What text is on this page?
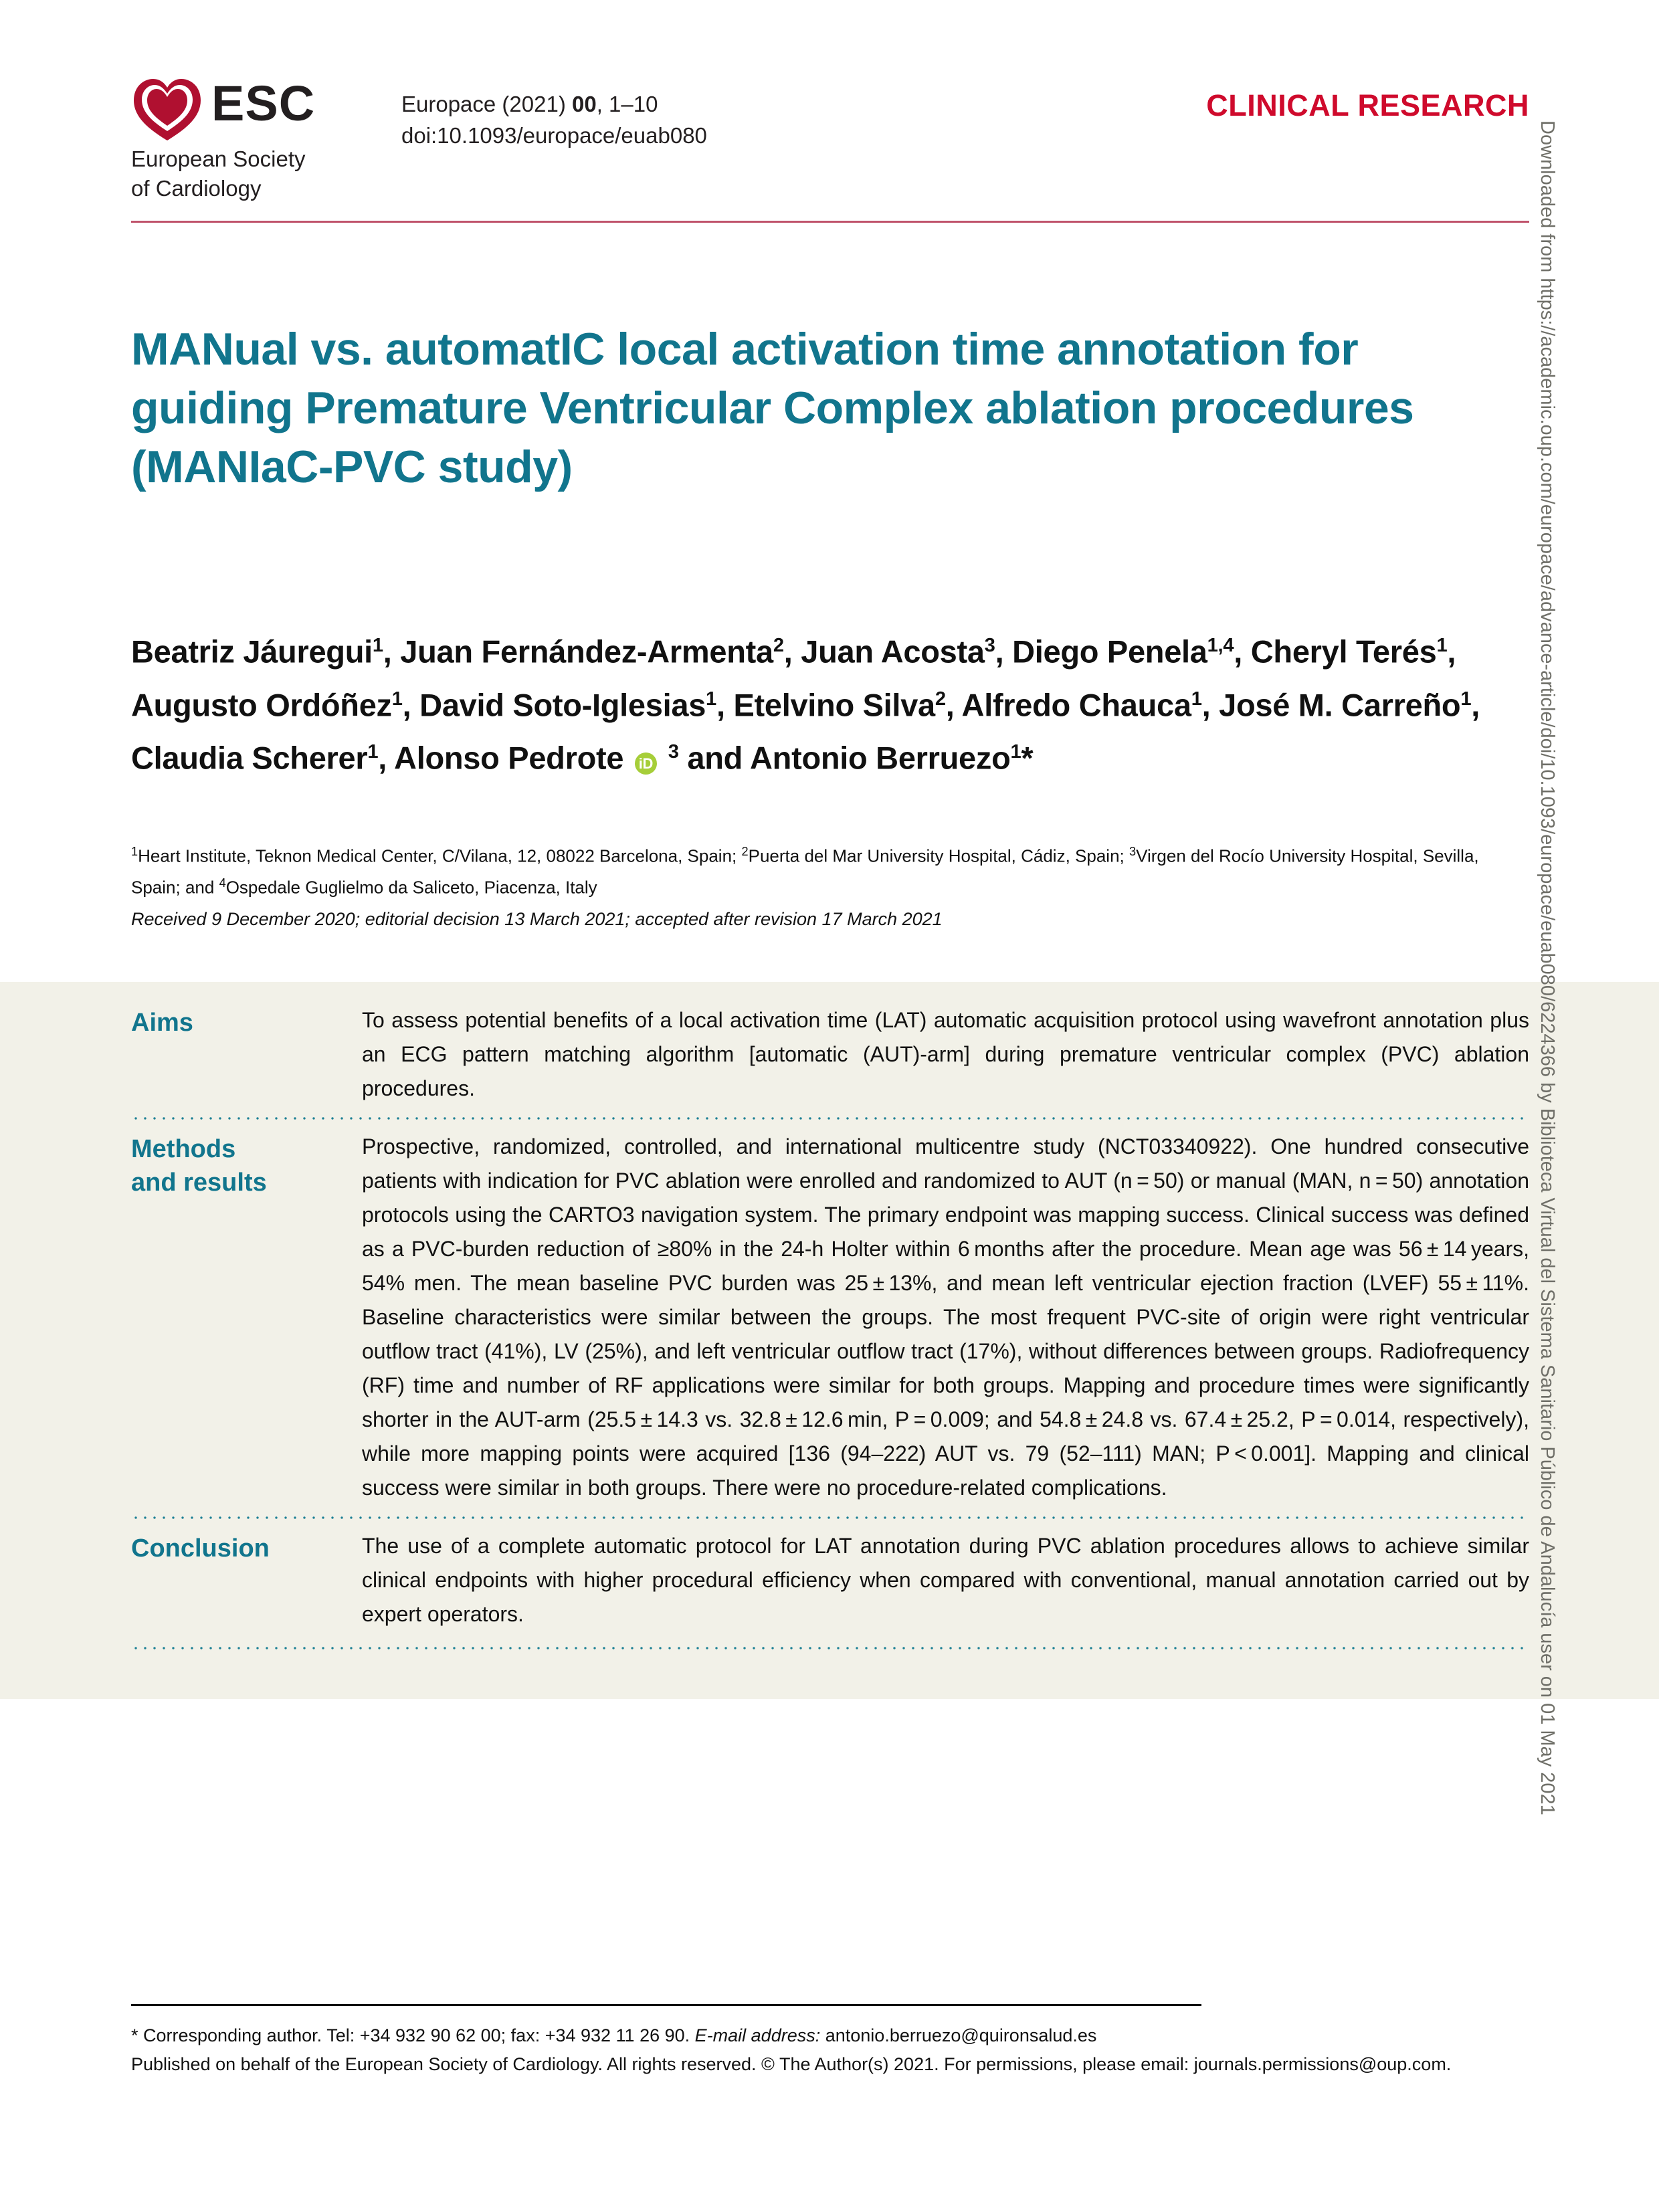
ESC
European Society
of Cardiology
Europace (2021) 00, 1–10
doi:10.1093/europace/euab080
CLINICAL RESEARCH
MANual vs. automatIC local activation time annotation for guiding Premature Ventricular Complex ablation procedures (MANIaC-PVC study)
Beatriz Jáuregui$^1$, Juan Fernández-Armenta$^2$, Juan Acosta$^3$, Diego Penela$^{1,4}$, Cheryl Terés$^1$, Augusto Ordóñez$^1$, David Soto-Iglesias$^1$, Etelvino Silva$^2$, Alfredo Chauca$^1$, José M. Carreño$^1$, Claudia Scherer$^1$, Alonso Pedrote iD $^3$ and Antonio Berruezo$^1$*
$^1$Heart Institute, Teknon Medical Center, C/Vilana, 12, 08022 Barcelona, Spain; $^2$Puerta del Mar University Hospital, Cádiz, Spain; $^3$Virgen del Rocío University Hospital, Sevilla, Spain; and $^4$Ospedale Guglielmo da Saliceto, Piacenza, Italy
Received 9 December 2020; editorial decision 13 March 2021; accepted after revision 17 March 2021
Aims	To assess potential benefits of a local activation time (LAT) automatic acquisition protocol using wavefront annotation plus an ECG pattern matching algorithm [automatic (AUT)-arm] during premature ventricular complex (PVC) ablation procedures.
Methods
and results
Prospective, randomized, controlled, and international multicentre study (NCT03340922). One hundred consecutive patients with indication for PVC ablation were enrolled and randomized to AUT (n = 50) or manual (MAN, n = 50) annotation protocols using the CARTO3 navigation system. The primary endpoint was mapping success. Clinical success was defined as a PVC-burden reduction of ≥80% in the 24-h Holter within 6 months after the procedure. Mean age was 56 ± 14 years, 54% men. The mean baseline PVC burden was 25 ± 13%, and mean left ventricular ejection fraction (LVEF) 55 ± 11%. Baseline characteristics were similar between the groups. The most frequent PVC-site of origin were right ventricular outflow tract (41%), LV (25%), and left ventricular outflow tract (17%), without differences between groups. Radiofrequency (RF) time and number of RF applications were similar for both groups. Mapping and procedure times were significantly shorter in the AUT-arm (25.5 ± 14.3 vs. 32.8 ± 12.6 min, P = 0.009; and 54.8 ± 24.8 vs. 67.4 ± 25.2, P = 0.014, respectively), while more mapping points were acquired [136 (94–222) AUT vs. 79 (52–111) MAN; P < 0.001]. Mapping and clinical success were similar in both groups. There were no procedure-related complications.
Conclusion	The use of a complete automatic protocol for LAT annotation during PVC ablation procedures allows to achieve similar clinical endpoints with higher procedural efficiency when compared with conventional, manual annotation carried out by expert operators.
* Corresponding author. Tel: +34 932 90 62 00; fax: +34 932 11 26 90. E-mail address: antonio.berruezo@quironsalud.es
Published on behalf of the European Society of Cardiology. All rights reserved. © The Author(s) 2021. For permissions, please email: journals.permissions@oup.com.
Downloaded from https://academic.oup.com/europace/advance-article/doi/10.1093/europace/euab080/6224366 by Biblioteca Virtual del Sistema Sanitario Público de Andalucía user on 01 May 2021
